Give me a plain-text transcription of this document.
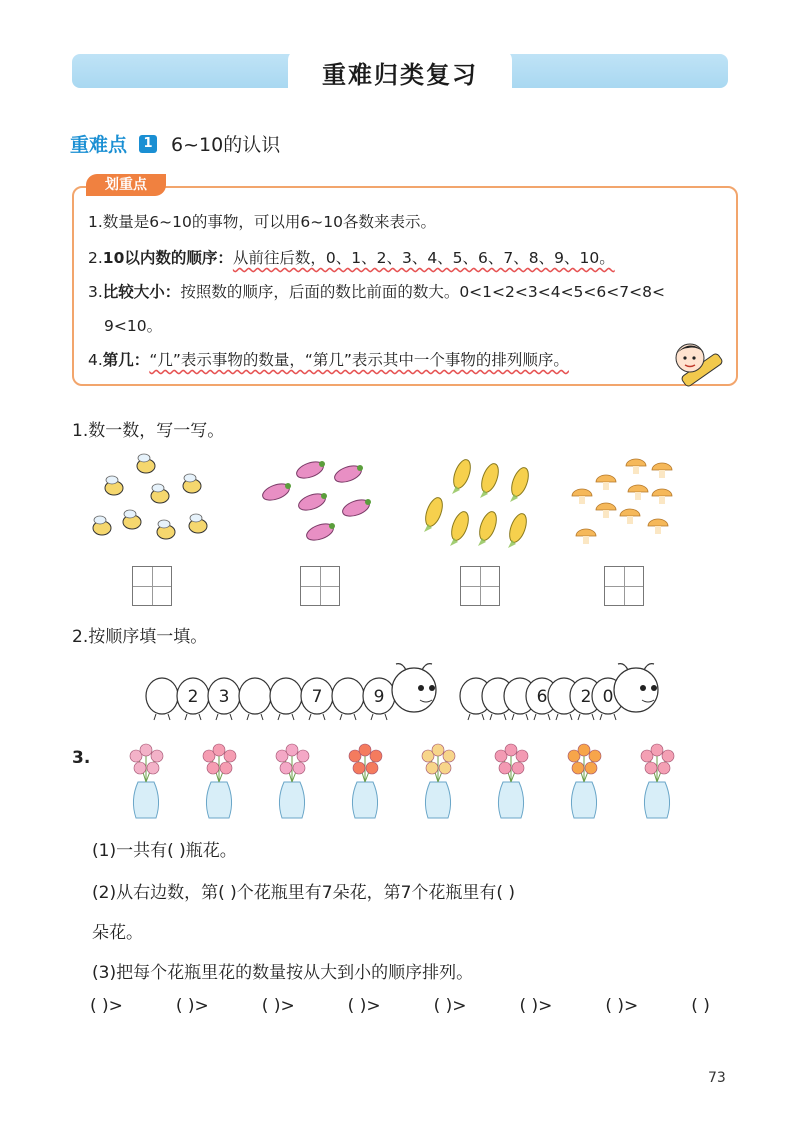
重难归类复习
重难点	1 6~10的认识
划重点
1.数量是6~10的事物，可以用6~10各数来表示。
2.10以内数的顺序：从前往后数，0、1、2、3、4、5、6、7、8、9、10。
3.比较大小：按照数的顺序，后面的数比前面的数大。0<1<2<3<4<5<6<7<8<
9<10。
4.第几：“几”表示事物的数量，“第几”表示其中一个事物的排列顺序。
1.数一数，写一写。
2.按顺序填一填。
2 3	7	9	6 2 0
3.
(1)一共有( )瓶花。
(2)从右边数，第( )个花瓶里有7朵花，第7个花瓶里有( )
朵花。
(3)把每个花瓶里花的数量按从大到小的顺序排列。
( )>	( )>	( )>	( )>	( )>	( )>	( )>	( )
73
